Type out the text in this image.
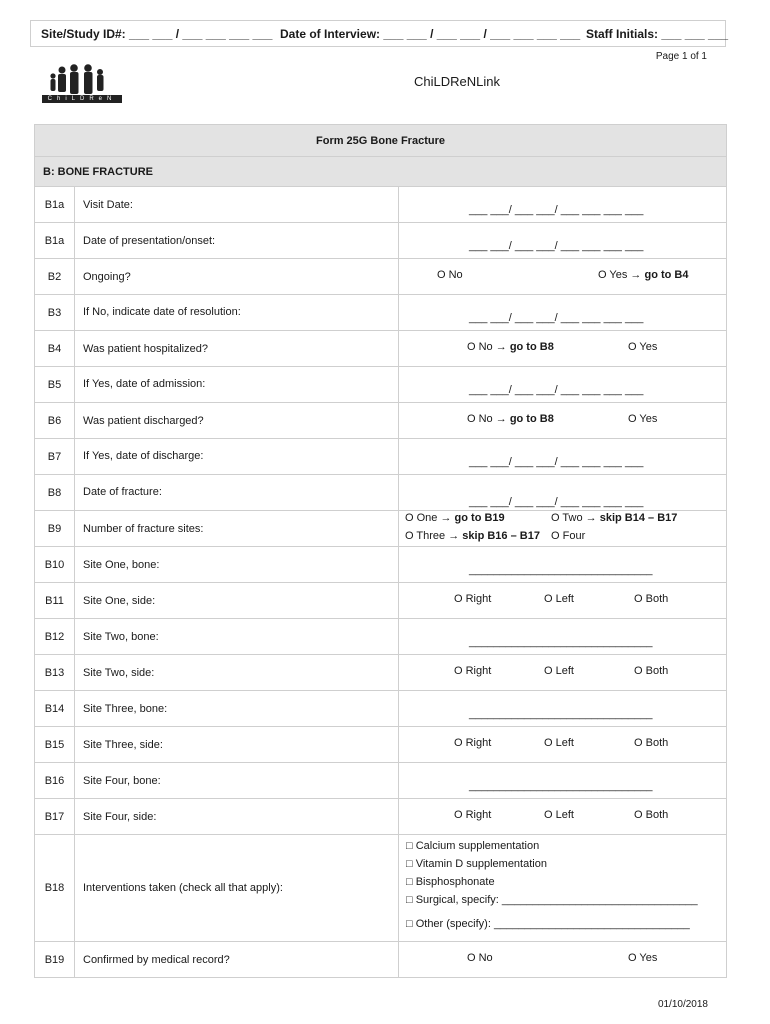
Site/Study ID#: ___ ___ / ___ ___ ___ ___ Date of Interview: ___ ___ / ___ ___ / ___ ___ ___ ___ Staff Initials: ___ ___ ___
Page 1 of 1
ChiLDReN
ChiLDReNLink
Form 25G Bone Fracture		
B: BONE FRACTURE		
B1a	Visit Date:	___ ___/ ___ ___/ ___ ___ ___ ___

B1a	Date of presentation/onset:	___ ___/ ___ ___/ ___ ___ ___ ___

B2	Ongoing?	O No O Yes → go to B4

B3	If No, indicate date of resolution:	___ ___/ ___ ___/ ___ ___ ___ ___

B4	Was patient hospitalized?	O No → go to B8 O Yes

B5	If Yes, date of admission:	___ ___/ ___ ___/ ___ ___ ___ ___

B6	Was patient discharged?	O No → go to B8 O Yes

B7	If Yes, date of discharge:	___ ___/ ___ ___/ ___ ___ ___ ___

B8	Date of fracture:	___ ___/ ___ ___/ ___ ___ ___ ___

B9	Number of fracture sites:	O One → go to B19 O Two → skip B14 – B17
O Three → skip B16 – B17 O Four

B10	Site One, bone:	______________________________

B11	Site One, side:	O Right O Left O Both

B12	Site Two, bone:	______________________________

B13	Site Two, side:	O Right O Left O Both

B14	Site Three, bone:	______________________________

B15	Site Three, side:	O Right O Left O Both

B16	Site Four, bone:	______________________________

B17	Site Four, side:	O Right O Left O Both

B18	Interventions taken (check all that apply):	□ Calcium supplementation
□ Vitamin D supplementation
□ Bisphosphonate
□ Surgical, specify: ________________________________
□ Other (specify): ________________________________

B19	Confirmed by medical record?	O No O Yes
01/10/2018
